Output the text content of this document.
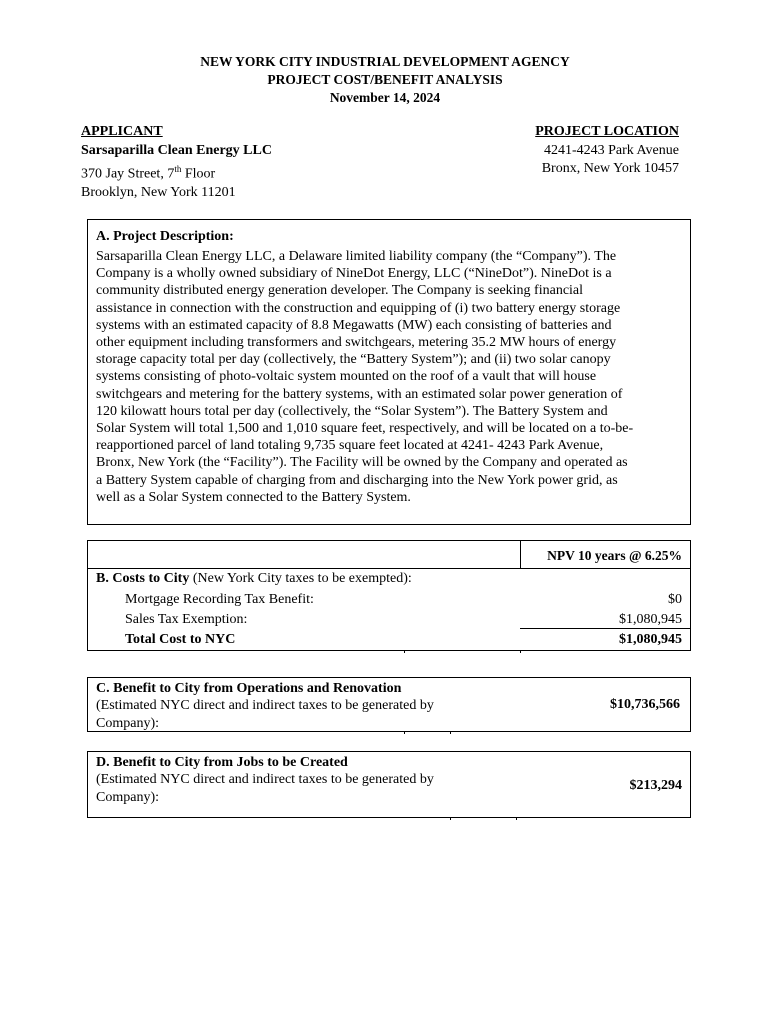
NEW YORK CITY INDUSTRIAL DEVELOPMENT AGENCY
PROJECT COST/BENEFIT ANALYSIS
November 14, 2024
APPLICANT
Sarsaparilla Clean Energy LLC
370 Jay Street, 7th Floor
Brooklyn, New York 11201
PROJECT LOCATION
4241-4243 Park Avenue
Bronx, New York 10457
A. Project Description:
Sarsaparilla Clean Energy LLC, a Delaware limited liability company (the “Company”). The
Company is a wholly owned subsidiary of NineDot Energy, LLC (“NineDot”). NineDot is a
community distributed energy generation developer. The Company is seeking financial
assistance in connection with the construction and equipping of (i) two battery energy storage
systems with an estimated capacity of 8.8 Megawatts (MW) each consisting of batteries and
other equipment including transformers and switchgears, metering 35.2 MW hours of energy
storage capacity total per day (collectively, the “Battery System”); and (ii) two solar canopy
systems consisting of photo-voltaic system mounted on the roof of a vault that will house
switchgears and metering for the battery systems, with an estimated solar power generation of
120 kilowatt hours total per day (collectively, the “Solar System”). The Battery System and
Solar System will total 1,500 and 1,010 square feet, respectively, and will be located on a to-be-
reapportioned parcel of land totaling 9,735 square feet located at 4241- 4243 Park Avenue,
Bronx, New York (the “Facility”). The Facility will be owned by the Company and operated as
a Battery System capable of charging from and discharging into the New York power grid, as
well as a Solar System connected to the Battery System.
NPV 10 years @ 6.25%
B. Costs to City (New York City taxes to be exempted):
Mortgage Recording Tax Benefit:	$0
Sales Tax Exemption:	$1,080,945
Total Cost to NYC	$1,080,945
C. Benefit to City from Operations and Renovation
(Estimated NYC direct and indirect taxes to be generated by Company):
$10,736,566
D. Benefit to City from Jobs to be Created
(Estimated NYC direct and indirect taxes to be generated by Company):
$213,294
